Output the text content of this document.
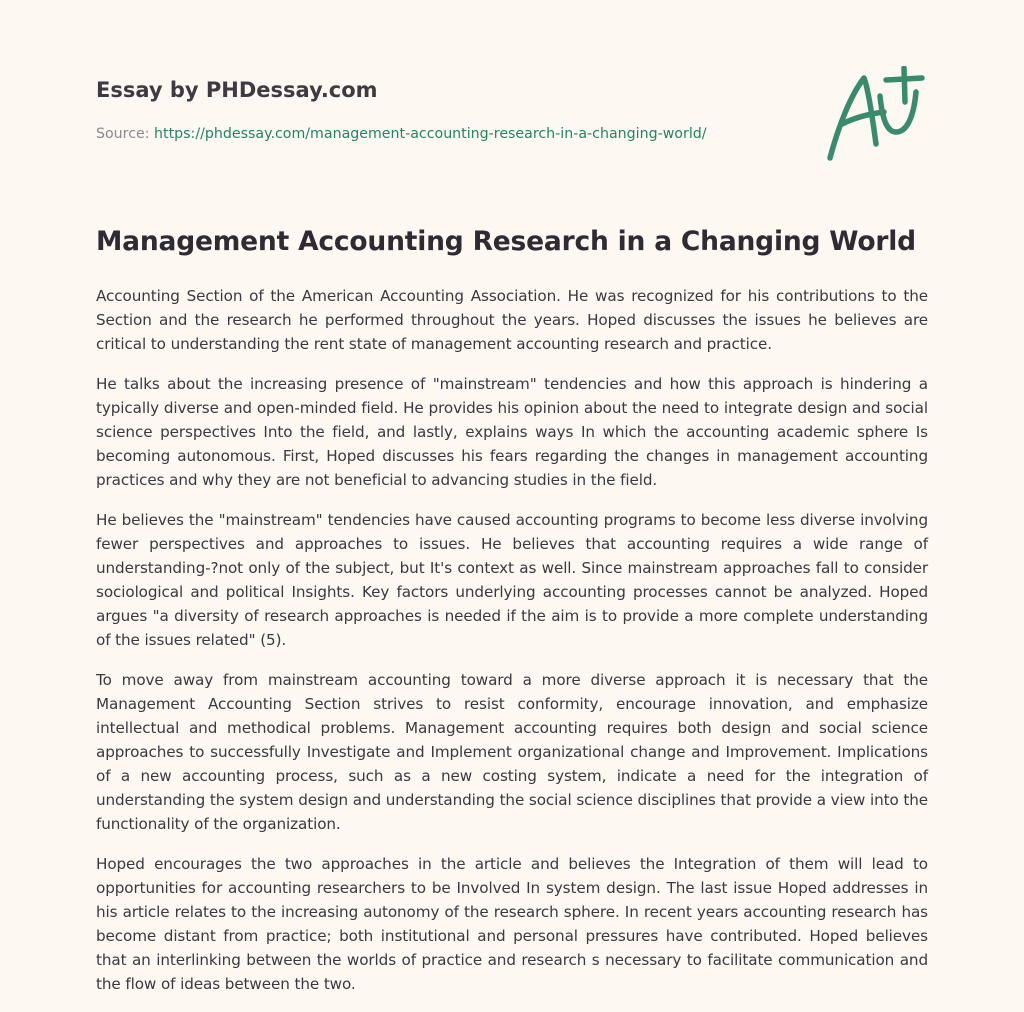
Essay by PHDessay.com
Source: https://phdessay.com/management-accounting-research-in-a-changing-world/
Management Accounting Research in a Changing World

Accounting Section of the American Accounting Association. He was recognized for his contributions to the Section and the research he performed throughout the years. Hoped discusses the issues he believes are critical to understanding the rent state of management accounting research and practice.

He talks about the increasing presence of "mainstream" tendencies and how this approach is hindering a typically diverse and open-minded field. He provides his opinion about the need to integrate design and social science perspectives Into the field, and lastly, explains ways In which the accounting academic sphere Is becoming autonomous. First, Hoped discusses his fears regarding the changes in management accounting practices and why they are not beneficial to advancing studies in the field.

He believes the "mainstream" tendencies have caused accounting programs to become less diverse involving fewer perspectives and approaches to issues. He believes that accounting requires a wide range of understanding-?not only of the subject, but It's context as well. Since mainstream approaches fall to consider sociological and political Insights. Key factors underlying accounting processes cannot be analyzed. Hoped argues "a diversity of research approaches is needed if the aim is to provide a more complete understanding of the issues related" (5).

To move away from mainstream accounting toward a more diverse approach it is necessary that the Management Accounting Section strives to resist conformity, encourage innovation, and emphasize intellectual and methodical problems. Management accounting requires both design and social science approaches to successfully Investigate and Implement organizational change and Improvement. Implications of a new accounting process, such as a new costing system, indicate a need for the integration of understanding the system design and understanding the social science disciplines that provide a view into the functionality of the organization.

Hoped encourages the two approaches in the article and believes the Integration of them will lead to opportunities for accounting researchers to be Involved In system design. The last issue Hoped addresses in his article relates to the increasing autonomy of the research sphere. In recent years accounting research has become distant from practice; both institutional and personal pressures have contributed. Hoped believes that an interlinking between the worlds of practice and research s necessary to facilitate communication and the flow of ideas between the two.
